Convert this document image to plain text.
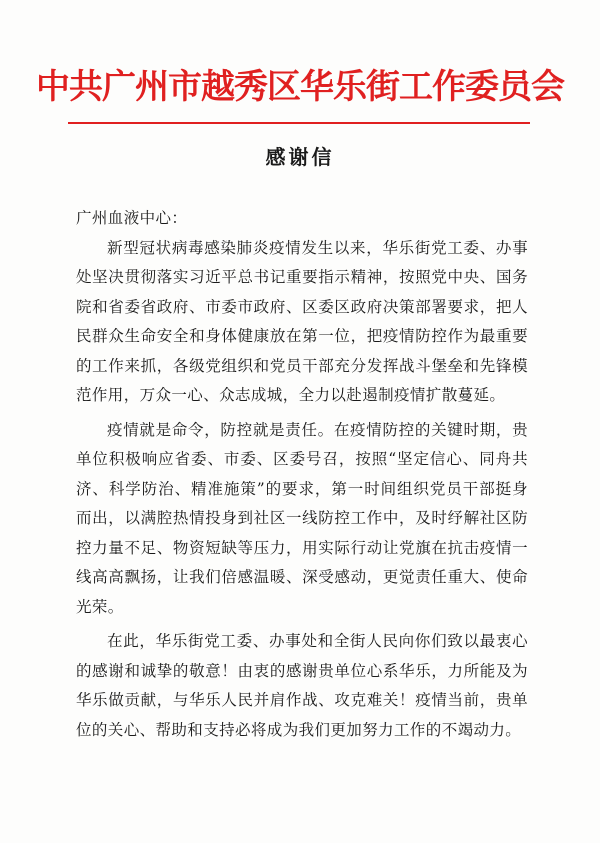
中共广州市越秀区华乐街工作委员会
感谢信

广州血液中心：

新型冠状病毒感染肺炎疫情发生以来，华乐街党工委、办事处坚决贯彻落实习近平总书记重要指示精神，按照党中央、国务院和省委省政府、市委市政府、区委区政府决策部署要求，把人民群众生命安全和身体健康放在第一位，把疫情防控作为最重要的工作来抓，各级党组织和党员干部充分发挥战斗堡垒和先锋模范作用，万众一心、众志成城，全力以赴遏制疫情扩散蔓延。

疫情就是命令，防控就是责任。在疫情防控的关键时期，贵单位积极响应省委、市委、区委号召，按照“坚定信心、同舟共济、科学防治、精准施策”的要求，第一时间组织党员干部挺身而出，以满腔热情投身到社区一线防控工作中，及时纾解社区防控力量不足、物资短缺等压力，用实际行动让党旗在抗击疫情一线高高飘扬，让我们倍感温暖、深受感动，更觉责任重大、使命光荣。

在此，华乐街党工委、办事处和全街人民向你们致以最衷心的感谢和诚挚的敬意！由衷的感谢贵单位心系华乐，力所能及为华乐做贡献，与华乐人民并肩作战、攻克难关！疫情当前，贵单位的关心、帮助和支持必将成为我们更加努力工作的不竭动力。
